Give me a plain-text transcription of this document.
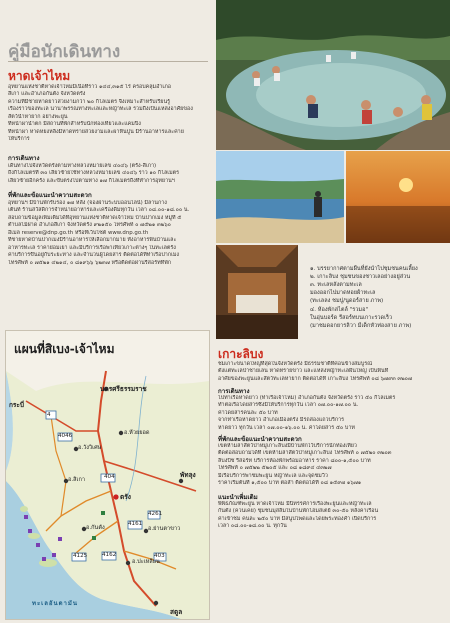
คู่มือนักเดินทาง
หาดเจ้าไหม

อุทยานแห่งชาติหาดเจ้าไหมมีเนื้อที่ราว ๑๔๔,๓๑๕ ไร่ ครอบคลุมอำเภอ

สิเกา และอำเภอกันตัง จังหวัดตรัง

ความที่มีชายหาดยาวสวยงามกว่า ๒๐ กิโลเมตร จึงเหมาะสำหรับเรียนรู้

เรื่องราวของทะเล นานาพรรณทางทะเลและหญ้าทะเล รวมถึงเป็นแหล่งอาศัยของ

สัตว์น้ำหายาก อย่างพะยูน

ที่หน้าผาน้ำตก มีสถานที่พักสำหรับนักท่องเที่ยวและแคมปิ้ง

ที่หน้าผา หาดหยงหลิงมีหาดทรายสวยงามและผาหินปูน มีร้านอาหารและค่าย

ให้บริการ

การเดินทาง

เดินทางไปจังหวัดตรังตามทางหลวงหมายเลข ๔๐๔๖ (ตรัง-สิเกา)

ถึงกิโลเมตรที่ ๓๐ เลี้ยวซ้ายใช้ทางหลวงหมายเลข ๔๐๔๖ ราว ๑๐ กิโลเมตร

เลี้ยวซ้ายอีกครั้ง และขับตรงไปตามทาง ๑๗ กิโลเมตรถึงที่ทำการอุทยานฯ

ที่พักและข้อแนะนำความสะดวก

อุทยานฯ มีบ้านพักรับรอง ๑๗ หลัง (จองผ่านระบบออนไลน์) มีลานกาง

เต็นท์ ร้านสวัสดิการจำหน่ายอาหารและเครื่องดื่มทุกวัน เวลา ๐๘.๐๐-๑๘.๐๐ น.

สอบถามข้อมูลเพิ่มเติมได้ที่อุทยานแห่งชาติหาดเจ้าไหม บ้านปากเมง หมู่ที่ ๕

ตำบลไม้ฝาด อำเภอสิเกา จังหวัดตรัง ๙๒๑๕๐ โทรศัพท์ ๐ ๗๕๒๑ ๓๒๖๐

อีเมล reserve@dnp.go.th หรือที่เว็บไซต์ www.dnp.go.th

ที่ชายหาดบ้านปากเมงมีร้านอาหารให้เลือกมากมาย ทั้งอาหารพื้นบ้านและ

อาหารทะเล ราคาย่อมเยา และมีบริการเรือพาเที่ยวเกาะต่างๆ ในทะเลตรัง

ค่าบริการขึ้นอยู่กับระยะทาง และจำนวนผู้โดยสาร ติดต่อได้ที่ท่าเรือปากเมง

โทรศัพท์ ๐ ๗๕๒๑ ๔๒๑๔, ๐ ๘๑๙๖๖ ๖๒๓๗ หรือติดต่อผ่านรีสอร์ทที่พัก

แผนที่สิเบง-เจ้าไหม
นครศรีธรรมราช
กระบี่
อ.ห้วยยอด
อ.วังวิเศษ
อ.สิเกา
ตรัง
อ.กันตัง	อ.ย่านตาขาว
อ.ปะเหลียน
พัทลุง
สตูล
4
404
4046
4125
4161
4162
4261
403
ทะเลอันดามัน

๑. บรรยากาศตามผืนที่ยังนำไปชุมชนคนเลี้ยง

๒. เกาะลิบง ชุมชนของชาวเลอย่างอยู่ส่วน

๓. ทะเลหลังตามทะเล

มองออกไปมาดหอยผ้าทะเล

(ทะเลลง ชมปู/นูดอร์สาย ภาพ)

๔. ห้องพักสไตล์ "รวมอ"

ในอุ่นบอร์ด รีสอร์ทบนเกาะรวดเร็ว

(มาชมดอกยารลิวา มีเด็กหัวท่องสาย ภาพ)

เกาะลิบง

ชมเกาะขนาดใหญ่ที่สุดในจังหวัดตรัง มีธรรมชาติที่ค่อนข้างสมบูรณ์

ตั้งแต่ทะเลป่าชายเลน หาดทรายขาว และแหล่งหญ้าทะเลผืนใหญ่ เป็นพื้นที่

อาศัยของพะยูนและสัตว์ทะเลหายาก ติดต่อได้ที่ เกาะลิบง โทรศัพท์ ๐๘ ๖๗๙๓ ๓๒๐๗

การเดินทาง

ไปท่าเรือหาดยาว (ท่าเรือเจ้าไหม) อำเภอกันตัง จังหวัดตรัง ราว ๕๐ กิโลเมตร

ทำต่อเรือโดยสารซึ่งมีให้บริการทุกวัน เวลา ๐๗.๐๐-๑๗.๐๐ น.

ค่าโดยสารคนละ ๕๐ บาท

จากท่าเรือหาดยาว อำเภอเมืองตรัง มีรถสองแถวบริการ

หาดยาว ทุกวัน เวลา ๐๗.๐๐-๑๖.๐๐ น. ค่าโดยสาร ๕๐ บาท

ที่พักและข้อแนะนำความสะดวก

เขตห้ามล่าสัตว์ป่าหมู่เกาะลิบงมีบ้านพักไว้บริการนักท่องเที่ยว

ติดต่อสอบถามได้ที่ เขตห้ามล่าสัตว์ป่าหมู่เกาะลิบง โทรศัพท์ ๐ ๗๕๒๐ ๓๒๐๓

ลิบงบีช รีสอร์ท บริการห้องพักพร้อมอาหาร ราคา ๘๐๐-๑,๕๐๐ บาท

โทรศัพท์ ๐ ๗๕๒๒ ๕๒๐๕ และ ๐๘ ๑๘๙๔ ๔๓๒๗

มีเรือบริการพาชมพะยูน หญ้าทะเล และจุดชมวิว

ราคาเริ่มต้นที่ ๑,๕๐๐ บาท ต่อลำ ติดต่อได้ที่ ๐๘ ๑๕๙๗ ๑๖๗๑

แนะนำเพิ่มเติม

พิพิธภัณฑ์พะยูน หาดเจ้าไหม มีนิทรรศการเรื่องพะยูนและหญ้าทะเล

กันตัง (ควนเคย) ชุมชนมุสลิมในบ้านพักโฮมสเตย์ ๓๐-๕๐ หลังคาเรือน

ค่าเข้าชม คนละ ๒๕๐ บาท มีสนูปโพดและโดยพระทองคำ เปิดบริการ

เวลา ๐๘.๐๐-๑๘.๐๐ น. ทุกวัน
